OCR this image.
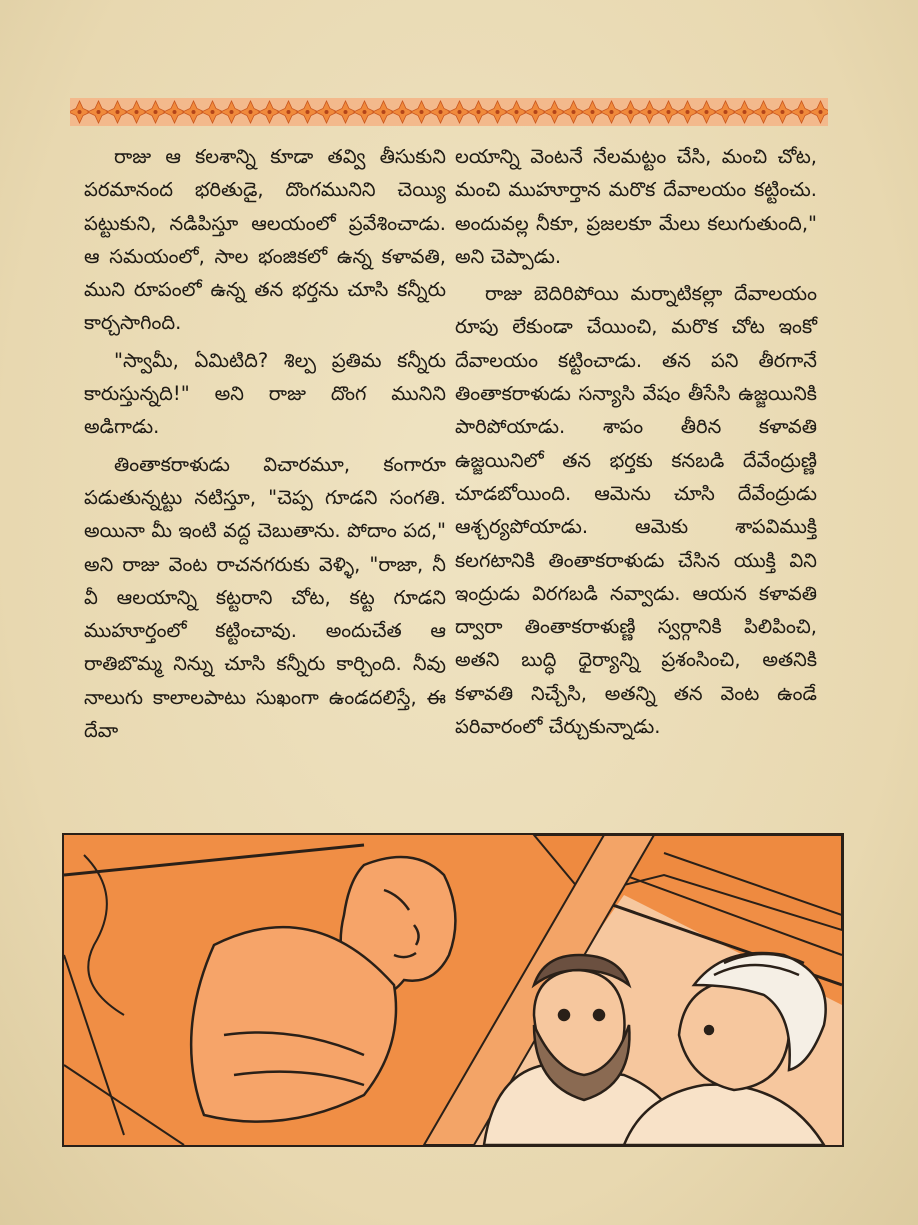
రాజు ఆ కలశాన్ని కూడా తవ్వి తీసుకుని పరమానంద భరితుడై, దొంగమునిని చెయ్యి పట్టుకుని, నడిపిస్తూ ఆలయంలో ప్రవేశించాడు. ఆ సమయంలో, సాల భంజికలో ఉన్న కళావతి, ముని రూపంలో ఉన్న తన భర్తను చూసి కన్నీరు కార్చసాగింది.

"స్వామీ, ఏమిటిది? శిల్ప ప్రతిమ కన్నీరు కారుస్తున్నది!" అని రాజు దొంగ మునిని అడిగాడు.

తింతాకరాళుడు విచారమూ, కంగారూ పడుతున్నట్టు నటిస్తూ, "చెప్ప గూడని సంగతి. అయినా మీ ఇంటి వద్ద చెబుతాను. పోదాం పద," అని రాజు వెంట రాచనగరుకు వెళ్ళి, "రాజా, నీ వీ ఆలయాన్ని కట్టరాని చోట, కట్ట గూడని ముహూర్తంలో కట్టించావు. అందుచేత ఆ రాతిబొమ్మ నిన్ను చూసి కన్నీరు కార్చింది. నీవు నాలుగు కాలాలపాటు సుఖంగా ఉండదలిస్తే, ఈ దేవా

లయాన్ని వెంటనే నేలమట్టం చేసి, మంచి చోట, మంచి ముహూర్తాన మరొక దేవాలయం కట్టించు. అందువల్ల నీకూ, ప్రజలకూ మేలు కలుగుతుంది," అని చెప్పాడు.

రాజు బెదిరిపోయి మర్నాటికల్లా దేవాలయం రూపు లేకుండా చేయించి, మరొక చోట ఇంకో దేవాలయం కట్టించాడు. తన పని తీరగానే తింతాకరాళుడు సన్యాసి వేషం తీసేసి ఉజ్జయినికి పారిపోయాడు. శాపం తీరిన కళావతి ఉజ్జయినిలో తన భర్తకు కనబడి దేవేంద్రుణ్ణి చూడబోయింది. ఆమెను చూసి దేవేంద్రుడు ఆశ్చర్యపోయాడు. ఆమెకు శాపవిముక్తి కలగటానికి తింతాకరాళుడు చేసిన యుక్తి విని ఇంద్రుడు విరగబడి నవ్వాడు. ఆయన కళావతి ద్వారా తింతాకరాళుణ్ణి స్వర్గానికి పిలిపించి, అతని బుద్ధి ధైర్యాన్ని ప్రశంసించి, అతనికి కళావతి నిచ్చేసి, అతన్ని తన వెంట ఉండే పరివారంలో చేర్చుకున్నాడు.
